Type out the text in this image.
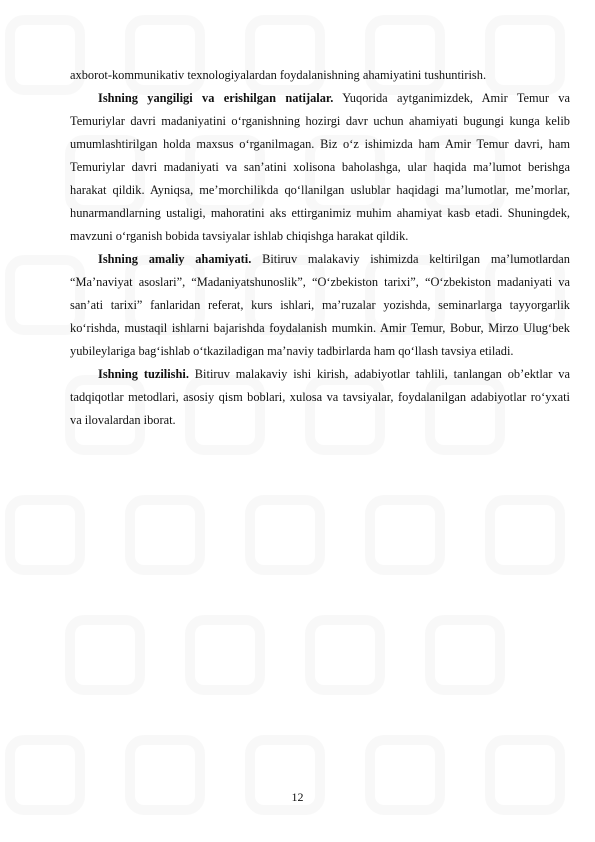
axborot-kommunikativ texnologiyalardan foydalanishning ahamiyatini tushuntirish.

Ishning yangiligi va erishilgan natijalar. Yuqorida aytganimizdek, Amir Temur va Temuriylar davri madaniyatini o‘rganishning hozirgi davr uchun ahamiyati bugungi kunga kelib umumlashtirilgan holda maxsus o‘rganilmagan. Biz o‘z ishimizda ham Amir Temur davri, ham Temuriylar davri madaniyati va san’atini xolisona baholashga, ular haqida ma’lumot berishga harakat qildik. Ayniqsa, me’morchilikda qo‘llanilgan uslublar haqidagi ma’lumotlar, me’morlar, hunarmandlarning ustaligi, mahoratini aks ettirganimiz muhim ahamiyat kasb etadi. Shuningdek, mavzuni o‘rganish bobida tavsiyalar ishlab chiqishga harakat qildik.

Ishning amaliy ahamiyati. Bitiruv malakaviy ishimizda keltirilgan ma’lumotlardan “Ma’naviyat asoslari”, “Madaniyatshunoslik”, “O‘zbekiston tarixi”, “O‘zbekiston madaniyati va san’ati tarixi” fanlaridan referat, kurs ishlari, ma’ruzalar yozishda, seminarlarga tayyorgarlik ko‘rishda, mustaqil ishlarni bajarishda foydalanish mumkin. Amir Temur, Bobur, Mirzo Ulug‘bek yubileylariga bag‘ishlab o‘tkaziladigan ma’naviy tadbirlarda ham qo‘llash tavsiya etiladi.

Ishning tuzilishi. Bitiruv malakaviy ishi kirish, adabiyotlar tahlili, tanlangan ob’ektlar va tadqiqotlar metodlari, asosiy qism boblari, xulosa va tavsiyalar, foydalanilgan adabiyotlar ro‘yxati va ilovalardan iborat.

12
